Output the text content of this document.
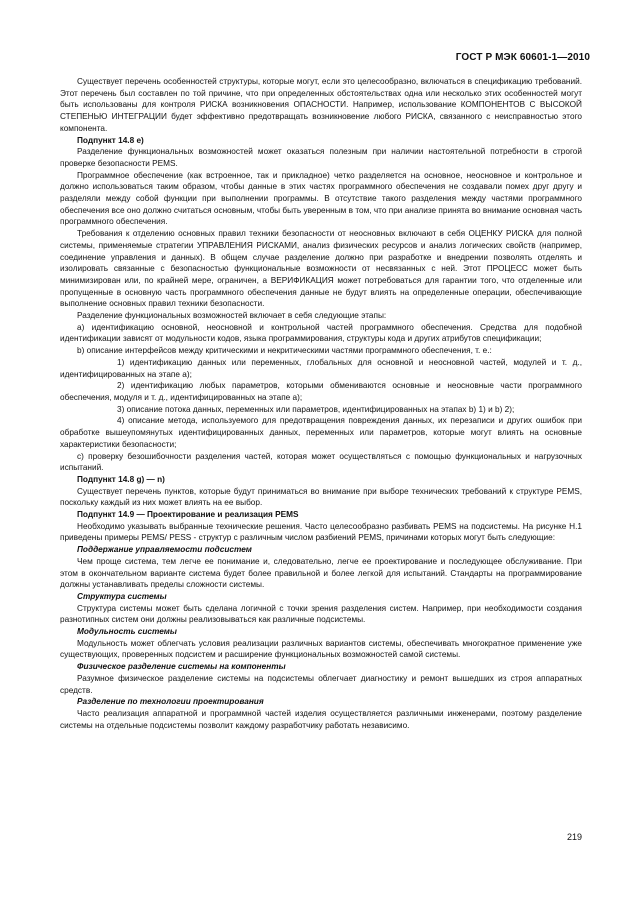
ГОСТ Р МЭК 60601-1—2010

Существует перечень особенностей структуры, которые могут, если это целесообразно, включаться в спецификацию требований. Этот перечень был составлен по той причине, что при определенных обстоятельствах одна или несколько этих особенностей могут быть использованы для контроля РИСКА возникновения ОПАСНОСТИ. Например, использование КОМПОНЕНТОВ С ВЫСОКОЙ СТЕПЕНЬЮ ИНТЕГРАЦИИ будет эффективно предотвращать возникновение любого РИСКА, связанного с неисправностью этого компонента.

Подпункт 14.8 е)

Разделение функциональных возможностей может оказаться полезным при наличии настоятельной потребности в строгой проверке безопасности PEMS.

Программное обеспечение (как встроенное, так и прикладное) четко разделяется на основное, неосновное и контрольное и должно использоваться таким образом, чтобы данные в этих частях программного обеспечения не создавали помех друг другу и разделяли между собой функции при выполнении программы. В отсутствие такого разделения между частями программного обеспечения все оно должно считаться основным, чтобы быть уверенным в том, что при анализе принята во внимание основная часть программного обеспечения.

Требования к отделению основных правил техники безопасности от неосновных включают в себя ОЦЕНКУ РИСКА для полной системы, применяемые стратегии УПРАВЛЕНИЯ РИСКАМИ, анализ физических ресурсов и анализ логических свойств (например, соединение управления и данных). В общем случае разделение должно при разработке и внедрении позволять отделять и изолировать связанные с безопасностью функциональные возможности от несвязанных с ней. Этот ПРОЦЕСС может быть минимизирован или, по крайней мере, ограничен, а ВЕРИФИКАЦИЯ может потребоваться для гарантии того, что отделенные или пропущенные в основную часть программного обеспечения данные не будут влиять на определенные операции, обеспечивающие выполнение основных правил техники безопасности.

Разделение функциональных возможностей включает в себя следующие этапы:

a) идентификацию основной, неосновной и контрольной частей программного обеспечения. Средства для подобной идентификации зависят от модульности кодов, языка программирования, структуры кода и других атрибутов спецификации;

b) описание интерфейсов между критическими и некритическими частями программного обеспечения, т. е.:

1) идентификацию данных или переменных, глобальных для основной и неосновной частей, модулей и т. д., идентифицированных на этапе а);

2) идентификацию любых параметров, которыми обмениваются основные и неосновные части программного обеспечения, модуля и т. д., идентифицированных на этапе а);

3) описание потока данных, переменных или параметров, идентифицированных на этапах b) 1) и b) 2);

4) описание метода, используемого для предотвращения повреждения данных, их перезаписи и других ошибок при обработке вышеупомянутых идентифицированных данных, переменных или параметров, которые могут влиять на основные характеристики безопасности;

c) проверку безошибочности разделения частей, которая может осуществляться с помощью функциональных и нагрузочных испытаний.

Подпункт 14.8 g) — n)

Существует перечень пунктов, которые будут приниматься во внимание при выборе технических требований к структуре PEMS, поскольку каждый из них может влиять на ее выбор.

Подпункт 14.9 — Проектирование и реализация PEMS

Необходимо указывать выбранные технические решения. Часто целесообразно разбивать PEMS на подсистемы. На рисунке Н.1 приведены примеры PEMS/ PESS - структур с различным числом разбиений PEMS, причинами которых могут быть следующие:

Поддержание управляемости подсистем

Чем проще система, тем легче ее понимание и, следовательно, легче ее проектирование и последующее обслуживание. При этом в окончательном варианте система будет более правильной и более легкой для испытаний. Стандарты на программирование должны устанавливать пределы сложности системы.

Структура системы

Структура системы может быть сделана логичной с точки зрения разделения систем. Например, при необходимости создания разнотипных систем они должны реализовываться как различные подсистемы.

Модульность системы

Модульность может облегчать условия реализации различных вариантов системы, обеспечивать многократное применение уже существующих, проверенных подсистем и расширение функциональных возможностей самой системы.

Физическое разделение системы на компоненты

Разумное физическое разделение системы на подсистемы облегчает диагностику и ремонт вышедших из строя аппаратных средств.

Разделение по технологии проектирования

Часто реализация аппаратной и программной частей изделия осуществляется различными инженерами, поэтому разделение системы на отдельные подсистемы позволит каждому разработчику работать независимо.

219
